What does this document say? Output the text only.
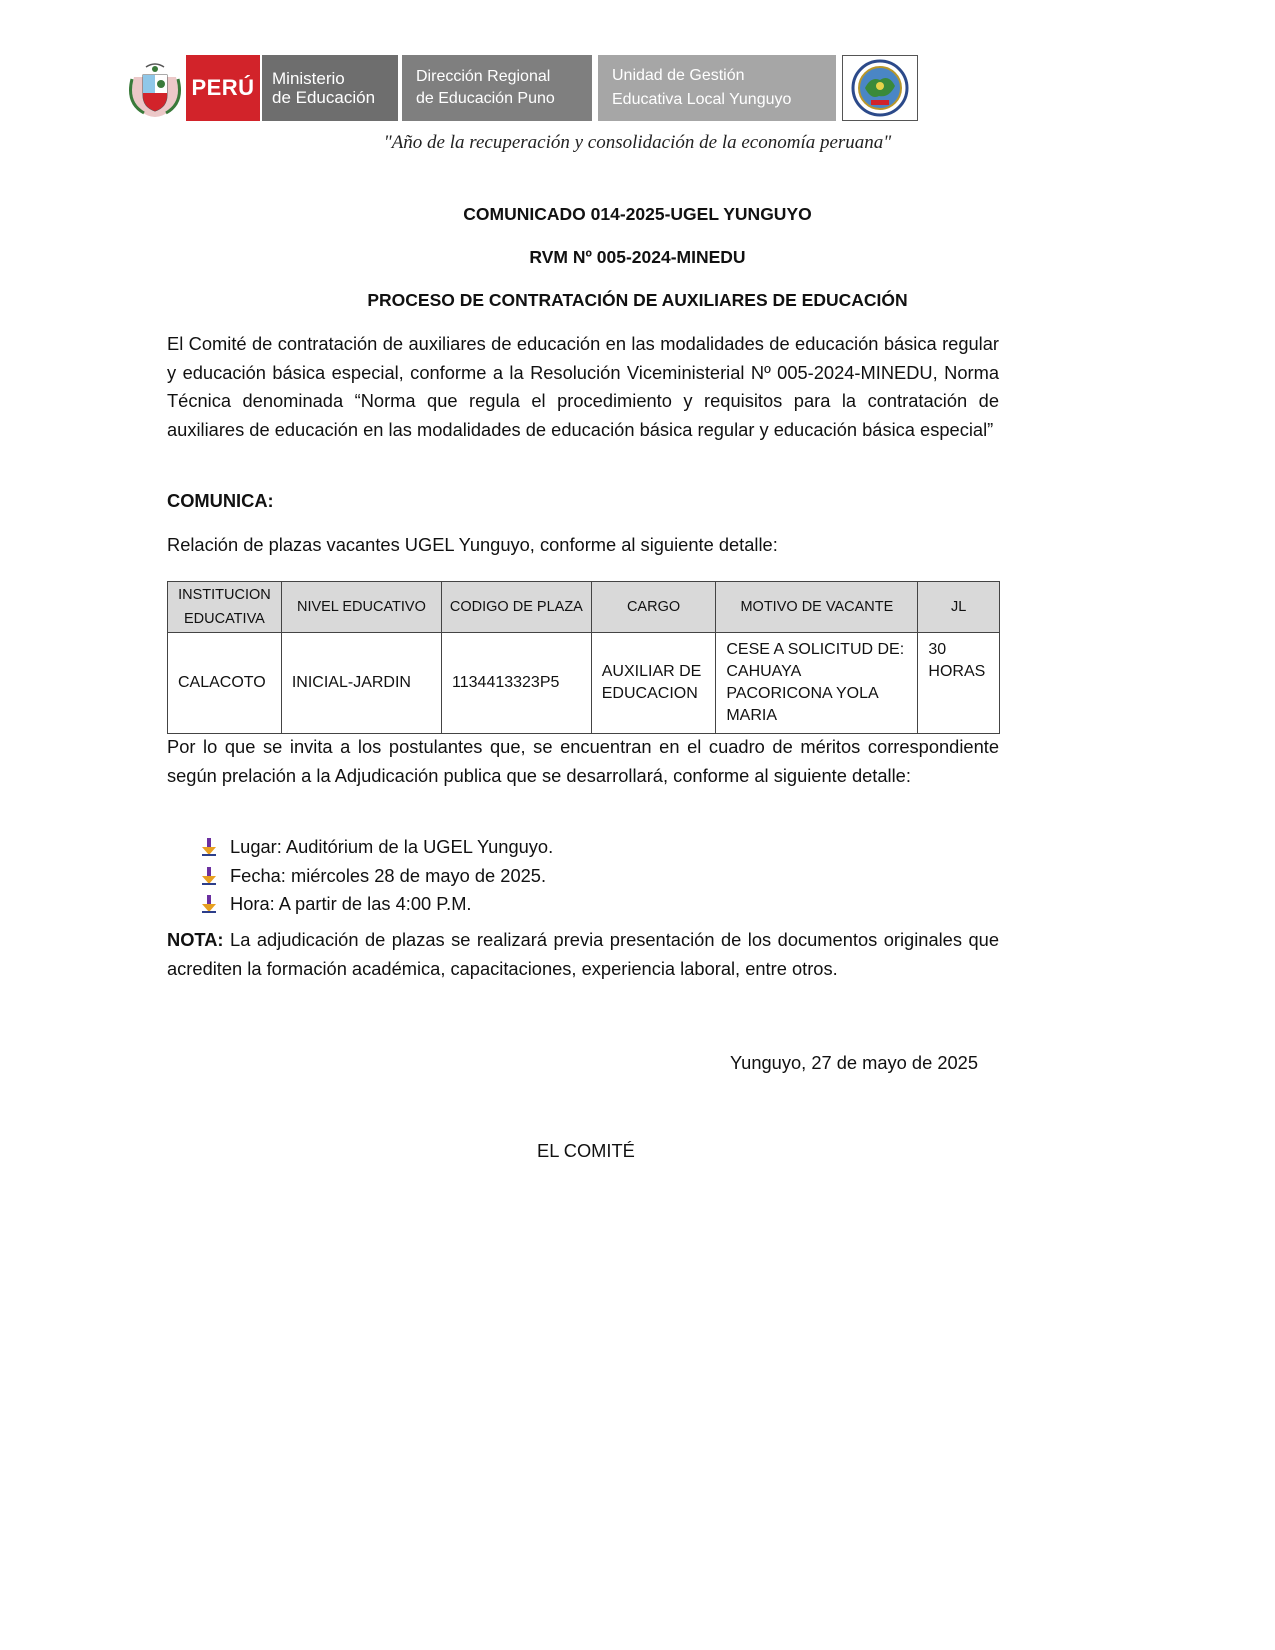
PERÚ Ministerio
de Educación
Dirección Regional
de Educación Puno
Unidad de Gestión
Educativa Local Yunguyo
"Año de la recuperación y consolidación de la economía peruana"
COMUNICADO 014-2025-UGEL YUNGUYO
RVM Nº 005-2024-MINEDU
PROCESO DE CONTRATACIÓN DE AUXILIARES DE EDUCACIÓN
El Comité de contratación de auxiliares de educación en las modalidades de educación básica regular y educación básica especial, conforme a la Resolución Viceministerial Nº 005-2024-MINEDU, Norma Técnica denominada “Norma que regula el procedimiento y requisitos para la contratación de auxiliares de educación en las modalidades de educación básica regular y educación básica especial”
COMUNICA:
Relación de plazas vacantes UGEL Yunguyo, conforme al siguiente detalle:
INSTITUCION EDUCATIVA	NIVEL EDUCATIVO	CODIGO DE PLAZA	CARGO	MOTIVO DE VACANTE	JL
CALACOTO	INICIAL-JARDIN	1134413323P5	AUXILIAR DE EDUCACION	CESE A SOLICITUD DE: CAHUAYA PACORICONA YOLA MARIA	30 HORAS
Por lo que se invita a los postulantes que, se encuentran en el cuadro de méritos correspondiente según prelación a la Adjudicación publica que se desarrollará, conforme al siguiente detalle:
Lugar: Auditórium de la UGEL Yunguyo.
Fecha: miércoles 28 de mayo de 2025.
Hora: A partir de las 4:00 P.M.
NOTA: La adjudicación de plazas se realizará previa presentación de los documentos originales que acrediten la formación académica, capacitaciones, experiencia laboral, entre otros.
Yunguyo, 27 de mayo de 2025
EL COMITÉ
